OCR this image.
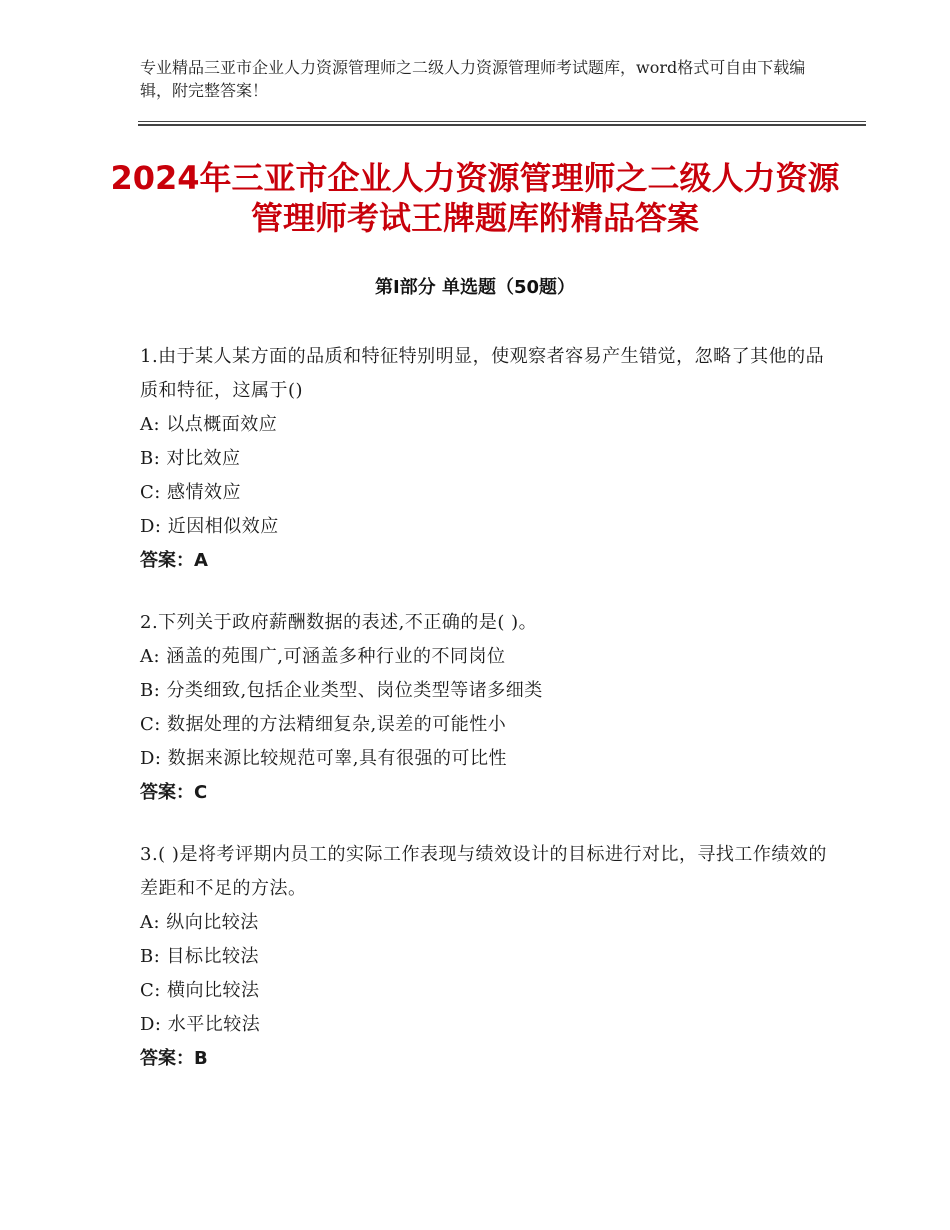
专业精品三亚市企业人力资源管理师之二级人力资源管理师考试题库，word格式可自由下载编辑，附完整答案！
2024年三亚市企业人力资源管理师之二级人力资源管理师考试王牌题库附精品答案
第Ⅰ部分 单选题（50题）
1.由于某人某方面的品质和特征特别明显，使观察者容易产生错觉，忽略了其他的品质和特征，这属于()
A: 以点概面效应
B: 对比效应
C: 感情效应
D: 近因相似效应
答案：A
2.下列关于政府薪酬数据的表述,不正确的是( )。
A: 涵盖的苑围广,可涵盖多种行业的不同岗位
B: 分类细致,包括企业类型、岗位类型等诸多细类
C: 数据处理的方法精细复杂,误差的可能性小
D: 数据来源比较规范可睾,具有很强的可比性
答案：C
3.( )是将考评期内员工的实际工作表现与绩效设计的目标进行对比，寻找工作绩效的差距和不足的方法。
A: 纵向比较法
B: 目标比较法
C: 横向比较法
D: 水平比较法
答案：B
